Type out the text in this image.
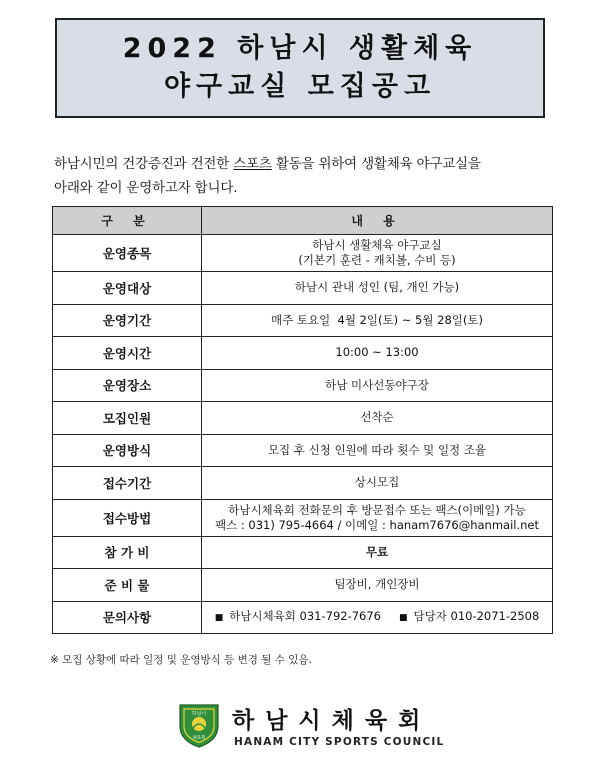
2022 하남시 생활체육
야구교실 모집공고
하남시민의 건강증진과 건전한 스포츠 활동을 위하여 생활체육 야구교실을
아래와 같이 운영하고자 합니다.
구 분	내 용
운영종목	하남시 생활체육 야구교실
(기본기 훈련 - 캐치볼, 수비 등)

운영대상	하남시 관내 성인 (팀, 개인 가능)
운영기간	매주 토요일  4월 2일(토) ~ 5월 28일(토)
운영시간	10:00 ~ 13:00
운영장소	하남 미사선동야구장
모집인원	선착순
운영방식	모집 후 신청 인원에 따라 횟수 및 일정 조율
접수기간	상시모집
접수방법	하남시체육회 전화문의 후 방문접수 또는 팩스(이메일) 가능
팩스 : 031) 795-4664 / 이메일 : hanam7676@hanmail.net

참 가 비	무료
준 비 물	팀장비, 개인장비
문의사항	■ 하남시체육회 031-792-7676 ■ 담당자 010-2071-2508
※ 모집 상황에 따라 일정 및 운영방식 등 변경 될 수 있음.
하남시
체육회
하남시체육회
HANAM CITY SPORTS COUNCIL
